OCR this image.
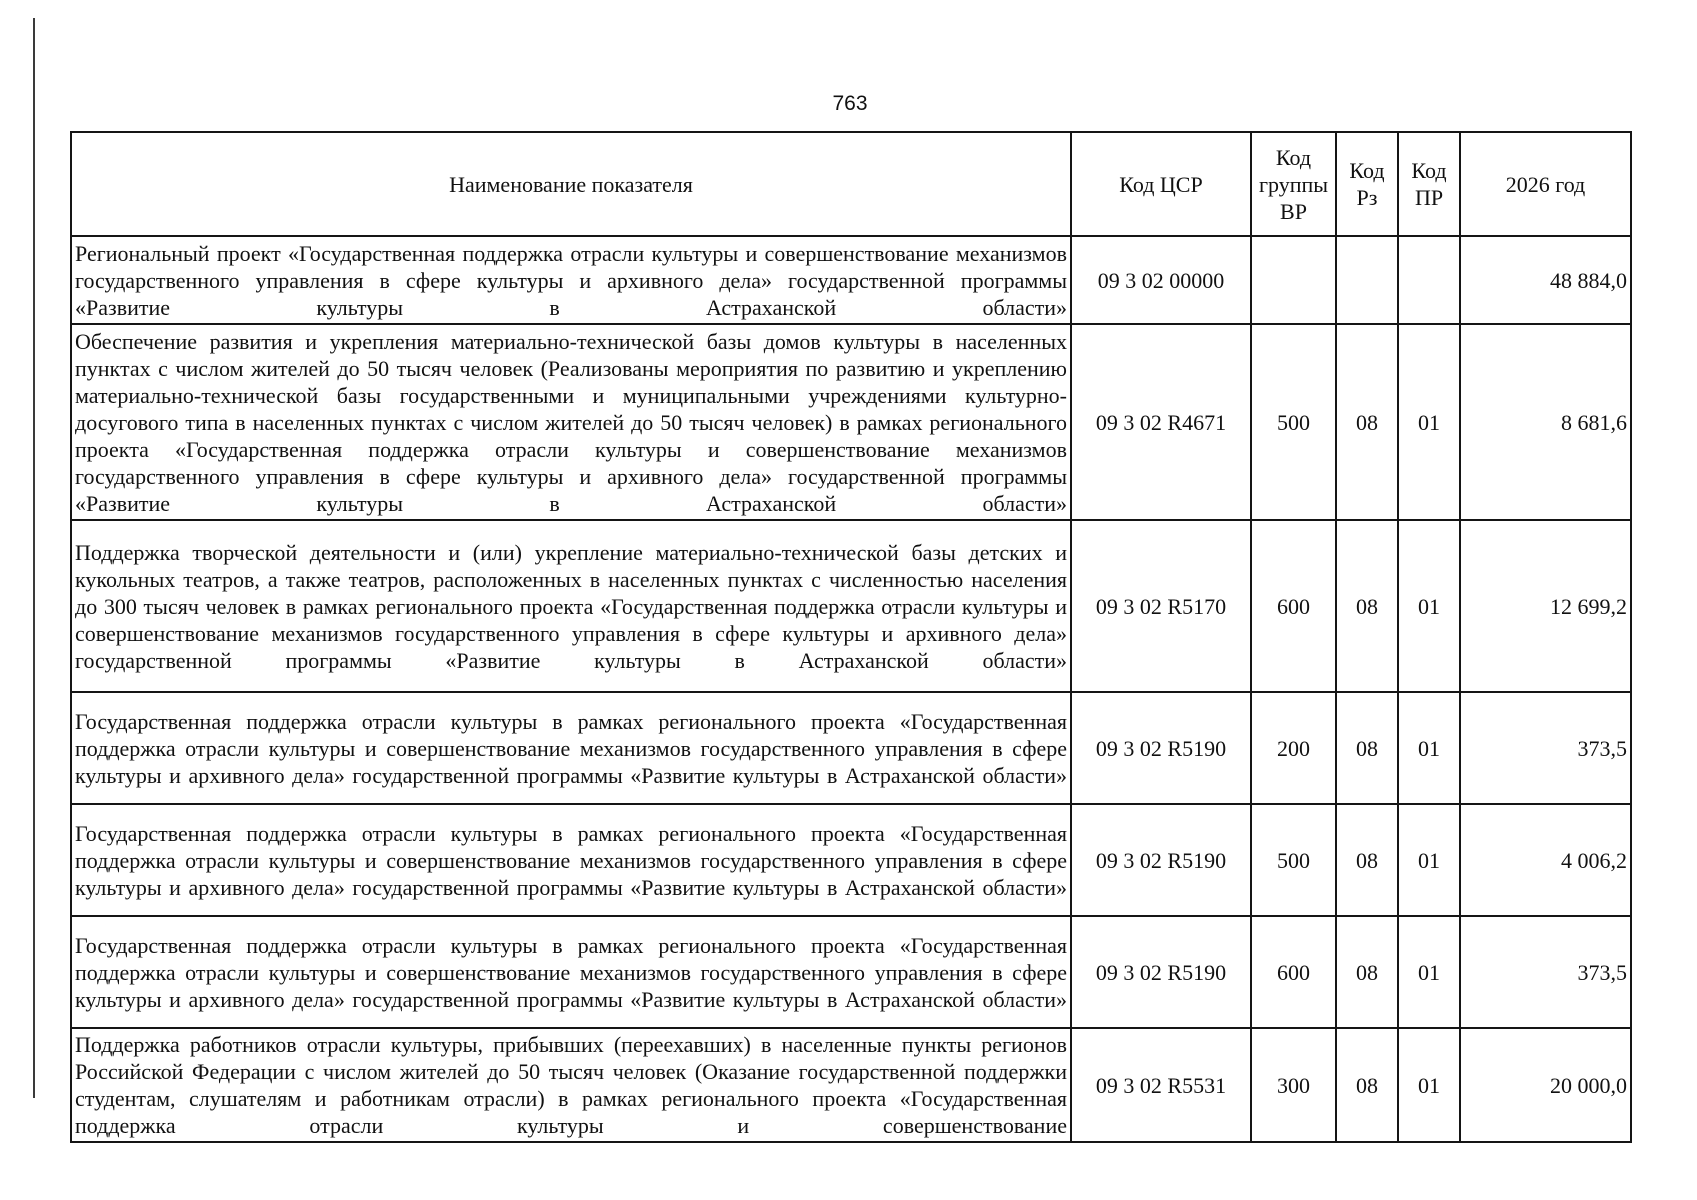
763
Наименование показателя	Код ЦСР	Код группы ВР	Код Рз	Код ПР	2026 год
Региональный проект «Государственная поддержка отрасли культуры и совершенствование механизмов государственного управления в сфере культуры и архивного дела» государственной программы «Развитие культуры в Астраханской области»	09 3 02 00000				48 884,0
Обеспечение развития и укрепления материально-технической базы домов культуры в населенных пунктах с числом жителей до 50 тысяч человек (Реализованы мероприятия по развитию и укреплению материально-технической базы государственными и муниципальными учреждениями культурно-досугового типа в населенных пунктах с числом жителей до 50 тысяч человек) в рамках регионального проекта «Государственная поддержка отрасли культуры и совершенствование механизмов государственного управления в сфере культуры и архивного дела» государственной программы «Развитие культуры в Астраханской области»	09 3 02 R4671	500	08	01	8 681,6
Поддержка творческой деятельности и (или) укрепление материально-технической базы детских и кукольных театров, а также театров, расположенных в населенных пунктах с численностью населения до 300 тысяч человек в рамках регионального проекта «Государственная поддержка отрасли культуры и совершенствование механизмов государственного управления в сфере культуры и архивного дела» государственной программы «Развитие культуры в Астраханской области»	09 3 02 R5170	600	08	01	12 699,2
Государственная поддержка отрасли культуры в рамках регионального проекта «Государственная поддержка отрасли культуры и совершенствование механизмов государственного управления в сфере культуры и архивного дела» государственной программы «Развитие культуры в Астраханской области»	09 3 02 R5190	200	08	01	373,5
Государственная поддержка отрасли культуры в рамках регионального проекта «Государственная поддержка отрасли культуры и совершенствование механизмов государственного управления в сфере культуры и архивного дела» государственной программы «Развитие культуры в Астраханской области»	09 3 02 R5190	500	08	01	4 006,2
Государственная поддержка отрасли культуры в рамках регионального проекта «Государственная поддержка отрасли культуры и совершенствование механизмов государственного управления в сфере культуры и архивного дела» государственной программы «Развитие культуры в Астраханской области»	09 3 02 R5190	600	08	01	373,5
Поддержка работников отрасли культуры, прибывших (переехавших) в населенные пункты регионов Российской Федерации с числом жителей до 50 тысяч человек (Оказание государственной поддержки студентам, слушателям и работникам отрасли) в рамках регионального проекта «Государственная поддержка отрасли культуры и совершенствование	09 3 02 R5531	300	08	01	20 000,0
